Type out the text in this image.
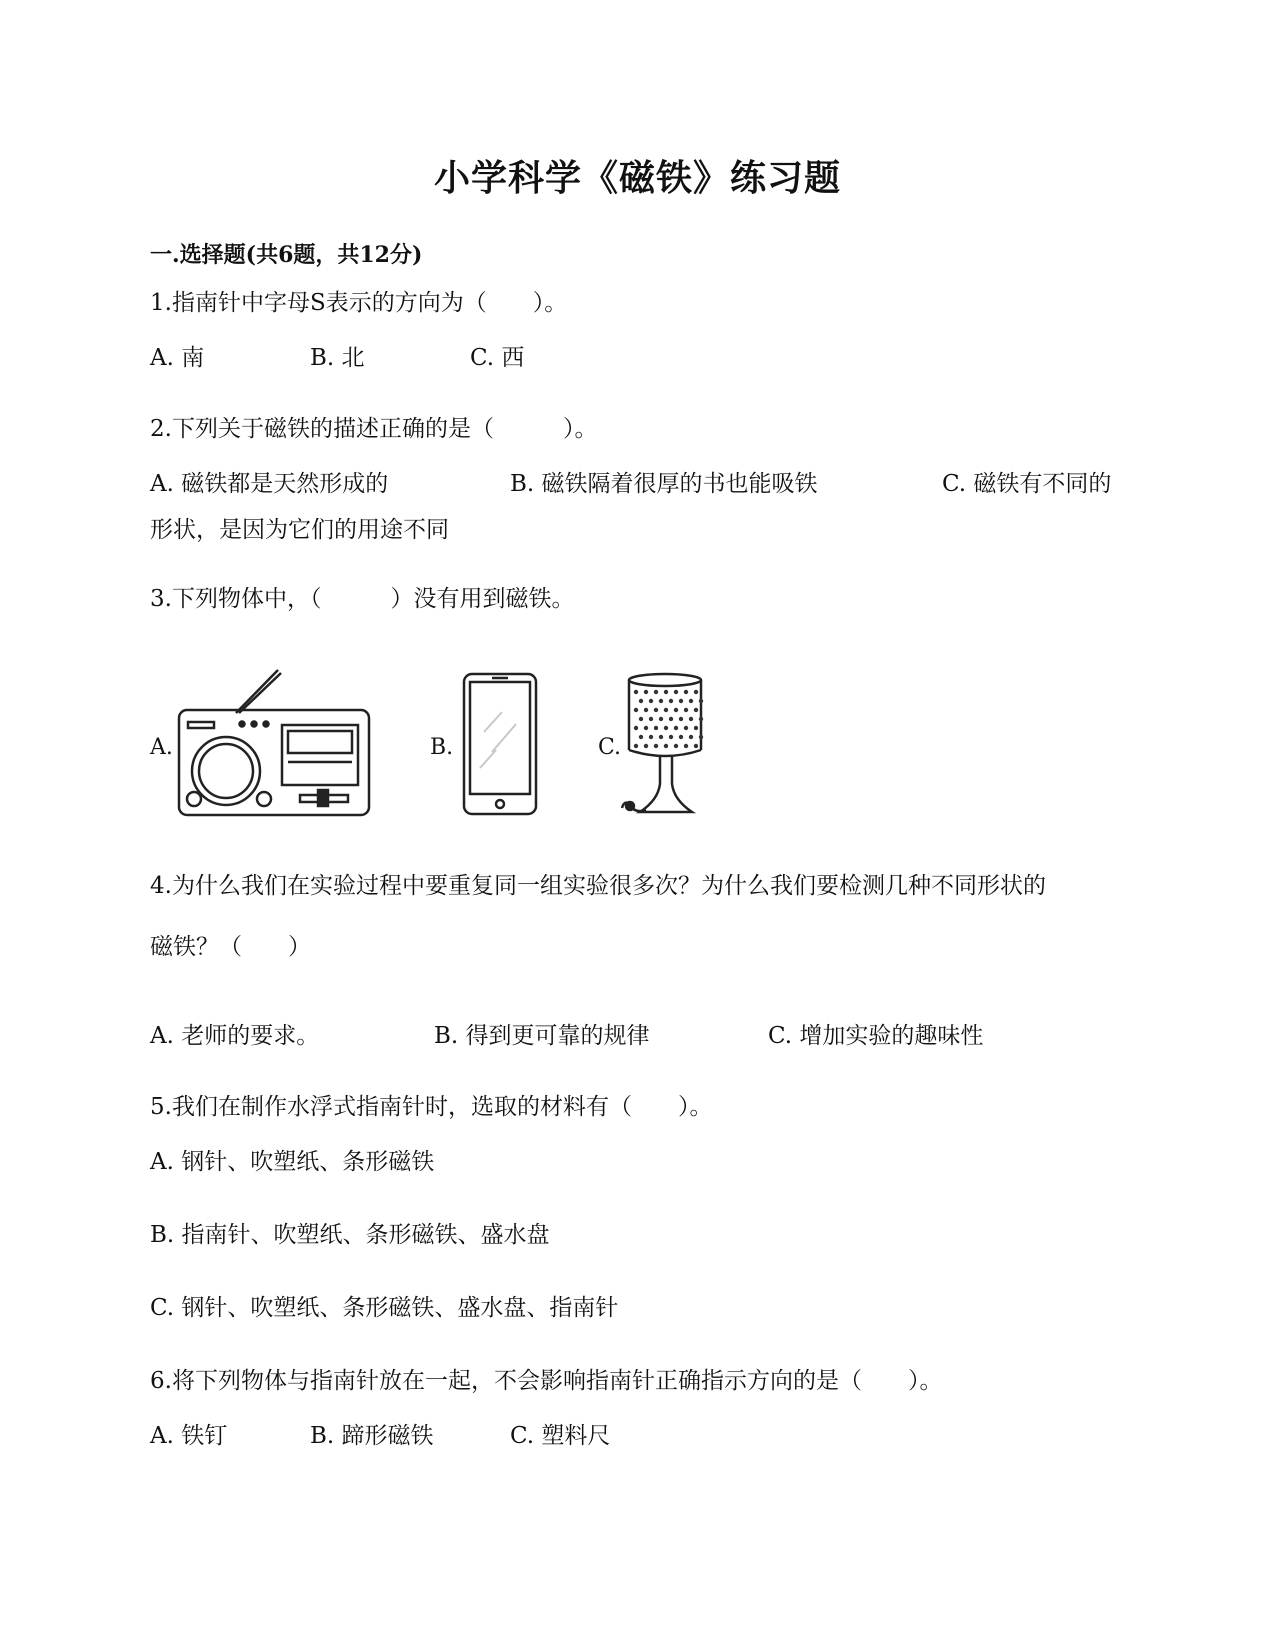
小学科学《磁铁》练习题
一.选择题(共6题，共12分)
1.指南针中字母S表示的方向为（　　）。
A. 南	B. 北	C. 西
2.下列关于磁铁的描述正确的是（　　　）。
A. 磁铁都是天然形成的	B. 磁铁隔着很厚的书也能吸铁	C. 磁铁有不同的
形状，是因为它们的用途不同
3.下列物体中，（　　　）没有用到磁铁。
A.	B.	C.
4.为什么我们在实验过程中要重复同一组实验很多次？为什么我们要检测几种不同形状的
磁铁？（　　）
A. 老师的要求。	B. 得到更可靠的规律	C. 增加实验的趣味性
5.我们在制作水浮式指南针时，选取的材料有（　　）。
A. 钢针、吹塑纸、条形磁铁
B. 指南针、吹塑纸、条形磁铁、盛水盘
C. 钢针、吹塑纸、条形磁铁、盛水盘、指南针
6.将下列物体与指南针放在一起，不会影响指南针正确指示方向的是（　　）。
A. 铁钉	B. 蹄形磁铁	C. 塑料尺
